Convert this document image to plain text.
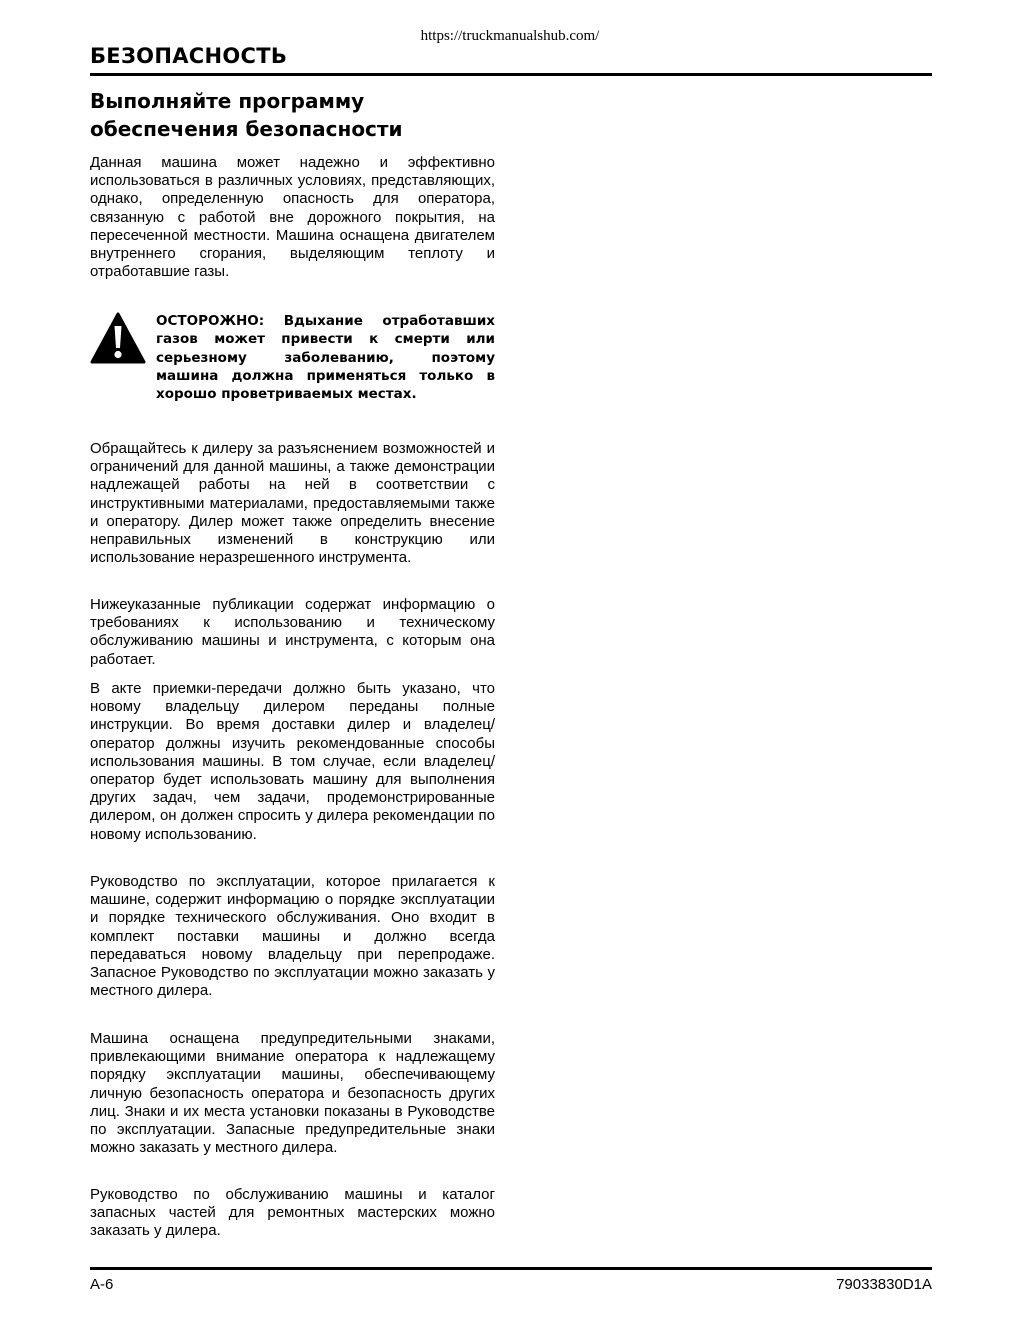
https://truckmanualshub.com/
БЕЗОПАСНОСТЬ
Выполняйте программу
обеспечения безопасности

Данная машина может надежно и эффективно использоваться в различных условиях, представляющих, однако, определенную опасность для оператора, связанную с работой вне дорожного покрытия, на пересеченной местности. Машина оснащена двигателем внутреннего сгорания, выделяющим теплоту и отработавшие газы.

ОСТОРОЖНО: Вдыхание отработавших газов может привести к смерти или серьезному заболеванию, поэтому машина должна применяться только в хорошо проветриваемых местах.

Обращайтесь к дилеру за разъяснением возможностей и ограничений для данной машины, а также демонстрации надлежащей работы на ней в соответствии с инструктивными материалами, предоставляемыми также и оператору. Дилер может также определить внесение неправильных изменений в конструкцию или использование неразрешенного инструмента.

Нижеуказанные публикации содержат информацию о требованиях к использованию и техническому обслуживанию машины и инструмента, с которым она работает.

В акте приемки-передачи должно быть указано, что новому владельцу дилером переданы полные инструкции. Во время доставки дилер и владелец/оператор должны изучить рекомендованные способы использования машины. В том случае, если владелец/оператор будет использовать машину для выполнения других задач, чем задачи, продемонстрированные дилером, он должен спросить у дилера рекомендации по новому использованию.

Руководство по эксплуатации, которое прилагается к машине, содержит информацию о порядке эксплуатации и порядке технического обслуживания. Оно входит в комплект поставки машины и должно всегда передаваться новому владельцу при перепродаже. Запасное Руководство по эксплуатации можно заказать у местного дилера.

Машина оснащена предупредительными знаками, привлекающими внимание оператора к надлежащему порядку эксплуатации машины, обеспечивающему личную безопасность оператора и безопасность других лиц. Знаки и их места установки показаны в Руководстве по эксплуатации. Запасные предупредительные знаки можно заказать у местного дилера.

Руководство по обслуживанию машины и каталог запасных частей для ремонтных мастерских можно заказать у дилера.

A-6	79033830D1A
